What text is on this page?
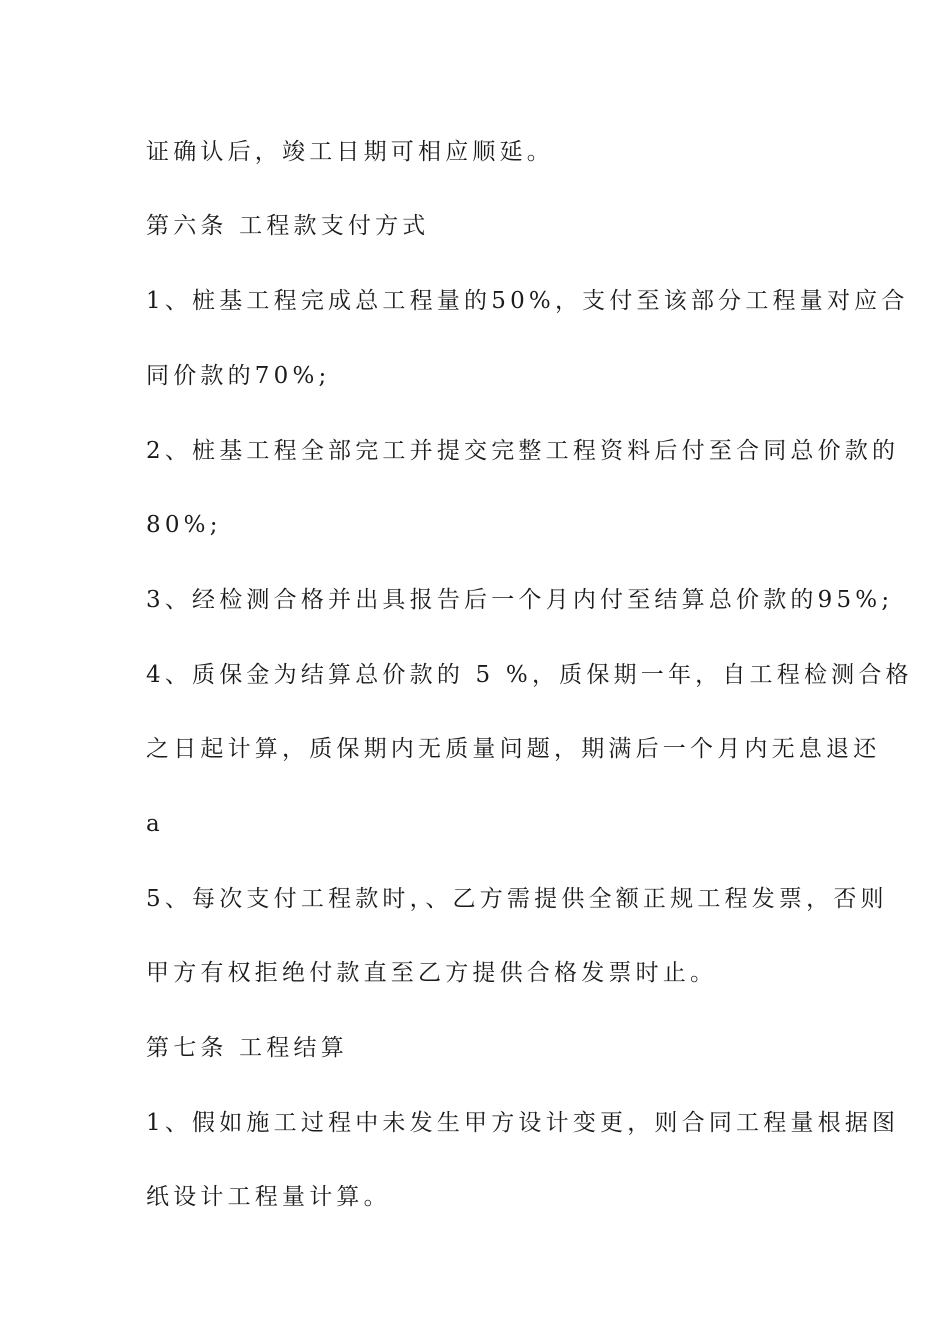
证确认后，竣工日期可相应顺延。
第六条 工程款支付方式
1、桩基工程完成总工程量的50%，支付至该部分工程量对应合
同价款的70%;
2、桩基工程全部完工并提交完整工程资料后付至合同总价款的
80%;
3、经检测合格并出具报告后一个月内付至结算总价款的95%;
4、质保金为结算总价款的 5 %，质保期一年，自工程检测合格
之日起计算，质保期内无质量问题，期满后一个月内无息退还
a
5、每次支付工程款时，、乙方需提供全额正规工程发票，否则
甲方有权拒绝付款直至乙方提供合格发票时止。
第七条 工程结算
1、假如施工过程中未发生甲方设计变更，则合同工程量根据图
纸设计工程量计算。
